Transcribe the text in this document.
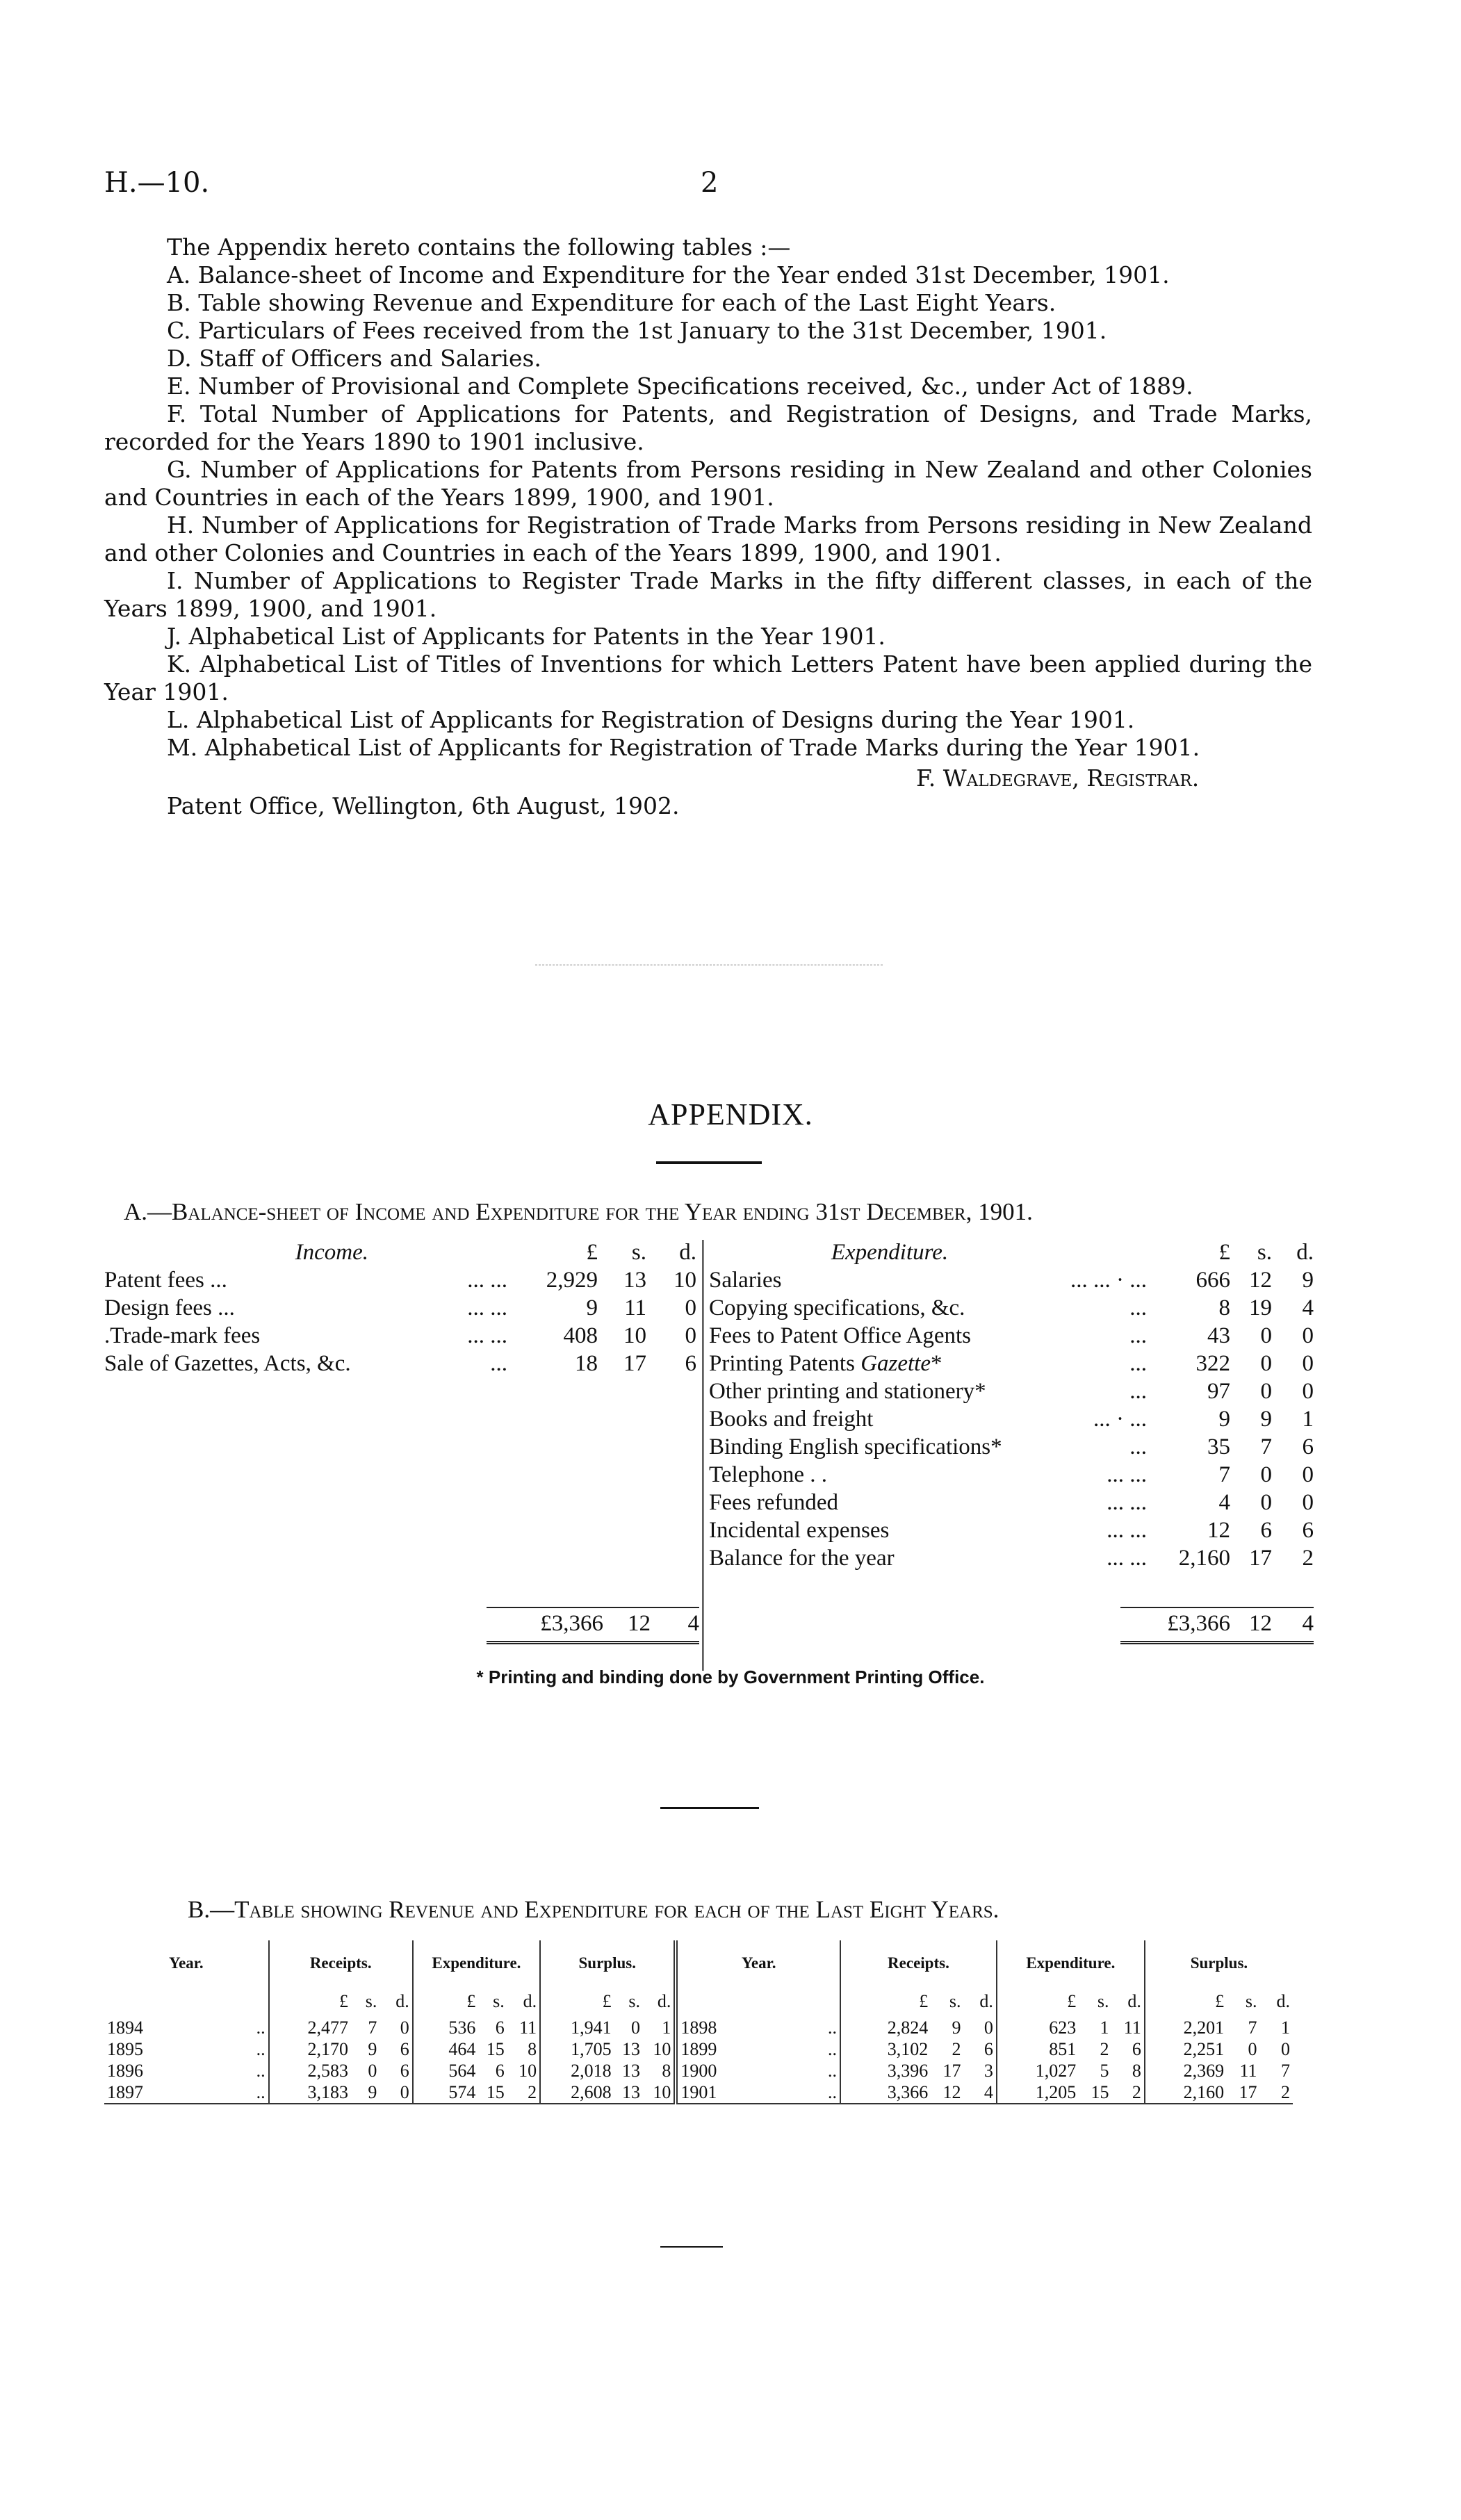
H.—10.	2
The Appendix hereto contains the following tables :—
A. Balance-sheet of Income and Expenditure for the Year ended 31st December, 1901.
B. Table showing Revenue and Expenditure for each of the Last Eight Years.
C. Particulars of Fees received from the 1st January to the 31st December, 1901.
D. Staff of Officers and Salaries.
E. Number of Provisional and Complete Specifications received, &c., under Act of 1889.
F. Total Number of Applications for Patents, and Registration of Designs, and Trade Marks, recorded for the Years 1890 to 1901 inclusive.
G. Number of Applications for Patents from Persons residing in New Zealand and other Colonies and Countries in each of the Years 1899, 1900, and 1901.
H. Number of Applications for Registration of Trade Marks from Persons residing in New Zealand and other Colonies and Countries in each of the Years 1899, 1900, and 1901.
I. Number of Applications to Register Trade Marks in the fifty different classes, in each of the Years 1899, 1900, and 1901.
J. Alphabetical List of Applicants for Patents in the Year 1901.
K. Alphabetical List of Titles of Inventions for which Letters Patent have been applied during the Year 1901.
L. Alphabetical List of Applicants for Registration of Designs during the Year 1901.
M. Alphabetical List of Applicants for Registration of Trade Marks during the Year 1901.
F. Waldegrave, Registrar.
Patent Office, Wellington, 6th August, 1902.
APPENDIX.
A.—Balance-sheet of Income and Expenditure for the Year ending 31st December, 1901.
Income.		£	s.	d.
Patent fees ...	... ...	2,929	13	10
Design fees ...	... ...	9	11	0
.Trade-mark fees	... ...	408	10	0
Sale of Gazettes, Acts, &c.	...	18	17	6
£3,366	12	4
Expenditure.		£	s.	d.
Salaries	... ... · ...	666	12	9
Copying specifications, &c.	...	8	19	4
Fees to Patent Office Agents	...	43	0	0
Printing Patents Gazette*	...	322	0	0
Other printing and stationery*	...	97	0	0
Books and freight	... · ...	9	9	1
Binding English specifications*	...	35	7	6
Telephone . .	... ...	7	0	0
Fees refunded	... ...	4	0	0
Incidental expenses	... ...	12	6	6
Balance for the year	... ...	2,160	17	2
£3,366 12	4
* Printing and binding done by Government Printing Office.
B.—Table showing Revenue and Expenditure for each of the Last Eight Years.
Year.	Receipts.			Expenditure.			Surplus.			Year.	Receipts.			Expenditure.			Surplus.		
	£	s.	d.	£	s.	d.	£	s.	d.		£	s.	d.	£	s.	d.	£	s.	d.
1894 ..	2,477	7	0	536	6	11	1,941	0	1	1898 ..	2,824	9	0	623	1	11	2,201	7	1
1895 ..	2,170	9	6	464	15	8	1,705	13	10	1899 ..	3,102	2	6	851	2	6	2,251	0	0
1896 ..	2,583	0	6	564	6	10	2,018	13	8	1900 ..	3,396	17	3	1,027	5	8	2,369	11	7
1897 ..	3,183	9	0	574	15	2	2,608	13	10	1901 ..	3,366	12	4	1,205	15	2	2,160	17	2
